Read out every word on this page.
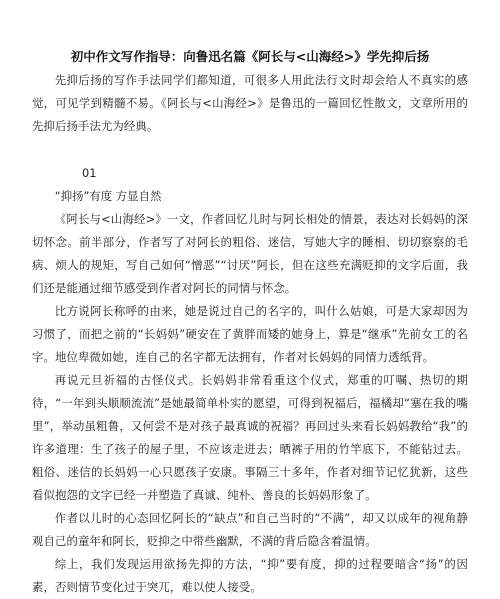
初中作文写作指导：向鲁迅名篇《阿长与<山海经>》学先抑后扬

先抑后扬的写作手法同学们都知道，可很多人用此法行文时却会给人不真实的感觉，可见学到精髓不易。《阿长与<山海经>》是鲁迅的一篇回忆性散文，文章所用的先抑后扬手法尤为经典。

01

“抑扬”有度 方显自然

《阿长与<山海经>》一文，作者回忆儿时与阿长相处的情景，表达对长妈妈的深切怀念。前半部分，作者写了对阿长的粗俗、迷信，写她大字的睡相、切切察察的毛病、烦人的规矩，写自己如何“憎恶”“讨厌”阿长，但在这些充满贬抑的文字后面，我们还是能通过细节感受到作者对阿长的同情与怀念。

比方说阿长称呼的由来，她是说过自己的名字的，叫什么姑娘，可是大家却因为习惯了，而把之前的“长妈妈”硬安在了黄胖而矮的她身上，算是“继承”先前女工的名字。地位卑微如她，连自己的名字都无法拥有，作者对长妈妈的同情力透纸背。

再说元旦祈福的古怪仪式。长妈妈非常看重这个仪式，郑重的叮嘱、热切的期待，“一年到头顺顺流流”是她最简单朴实的愿望，可得到祝福后，福橘却“塞在我的嘴里”，举动虽粗鲁，又何尝不是对孩子最真诚的祝福？再回过头来看长妈妈教给“我”的许多道理：生了孩子的屋子里，不应该走进去；晒裤子用的竹竿底下，不能钻过去。粗俗、迷信的长妈妈一心只愿孩子安康。事隔三十多年，作者对细节记忆犹新，这些看似抱怨的文字已经一并塑造了真诚、纯朴、善良的长妈妈形象了。

作者以儿时的心态回忆阿长的“缺点”和自己当时的“不满”，却又以成年的视角静观自己的童年和阿长，贬抑之中带些幽默，不满的背后隐含着温情。

综上，我们发现运用欲扬先抑的方法，“抑”要有度，抑的过程要暗含“扬”的因素，否则情节变化过于突兀，难以使人接受。
